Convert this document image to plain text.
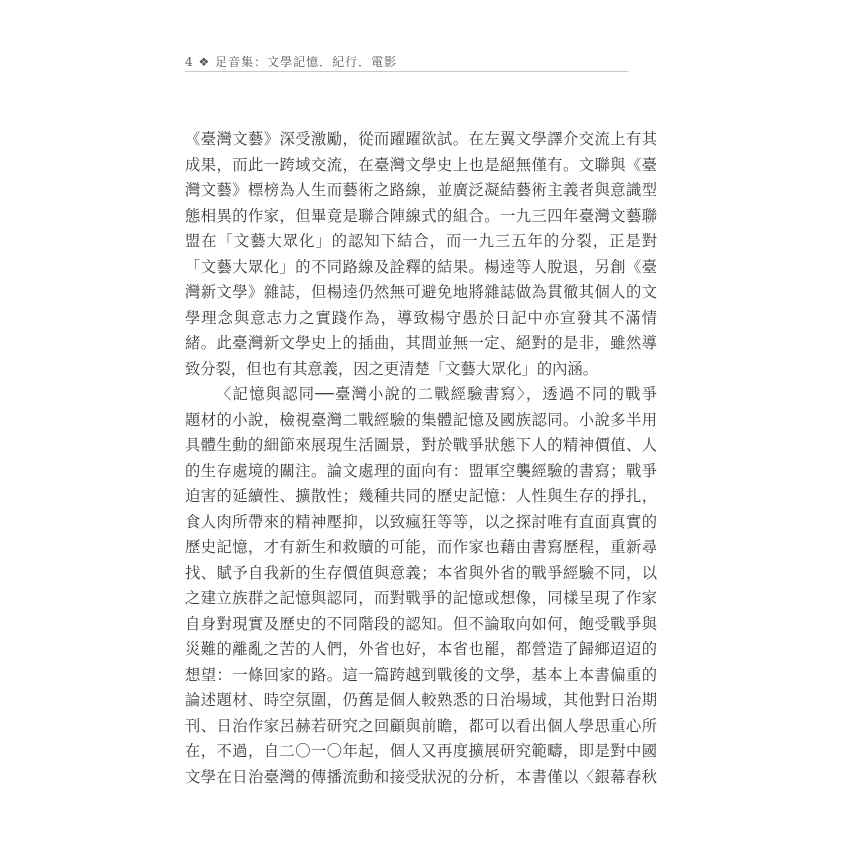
4 ❖ 足音集：文學記憶．紀行．電影
《臺灣文藝》深受激勵，從而躍躍欲試。在左翼文學譯介交流上有其
成果，而此一跨域交流，在臺灣文學史上也是絕無僅有。文聯與《臺
灣文藝》標榜為人生而藝術之路線，並廣泛凝結藝術主義者與意識型
態相異的作家，但畢竟是聯合陣線式的組合。一九三四年臺灣文藝聯
盟在「文藝大眾化」的認知下結合，而一九三五年的分裂，正是對
「文藝大眾化」的不同路線及詮釋的結果。楊逵等人脫退，另創《臺
灣新文學》雜誌，但楊逵仍然無可避免地將雜誌做為貫徹其個人的文
學理念與意志力之實踐作為，導致楊守愚於日記中亦宣發其不滿情
緒。此臺灣新文學史上的插曲，其間並無一定、絕對的是非，雖然導
致分裂，但也有其意義，因之更清楚「文藝大眾化」的內涵。
〈記憶與認同──臺灣小說的二戰經驗書寫〉，透過不同的戰爭
題材的小說，檢視臺灣二戰經驗的集體記憶及國族認同。小說多半用
具體生動的細節來展現生活圖景，對於戰爭狀態下人的精神價值、人
的生存處境的關注。論文處理的面向有：盟軍空襲經驗的書寫；戰爭
迫害的延續性、擴散性；幾種共同的歷史記憶：人性與生存的掙扎，
食人肉所帶來的精神壓抑，以致瘋狂等等，以之探討唯有直面真實的
歷史記憶，才有新生和救贖的可能，而作家也藉由書寫歷程，重新尋
找、賦予自我新的生存價值與意義；本省與外省的戰爭經驗不同，以
之建立族群之記憶與認同，而對戰爭的記憶或想像，同樣呈現了作家
自身對現實及歷史的不同階段的認知。但不論取向如何，飽受戰爭與
災難的離亂之苦的人們，外省也好，本省也罷，都營造了歸鄉迢迢的
想望：一條回家的路。這一篇跨越到戰後的文學，基本上本書偏重的
論述題材、時空氛圍，仍舊是個人較熟悉的日治場域，其他對日治期
刊、日治作家呂赫若研究之回顧與前瞻，都可以看出個人學思重心所
在，不過，自二〇一〇年起，個人又再度擴展研究範疇，即是對中國
文學在日治臺灣的傳播流動和接受狀況的分析，本書僅以〈銀幕春秋
